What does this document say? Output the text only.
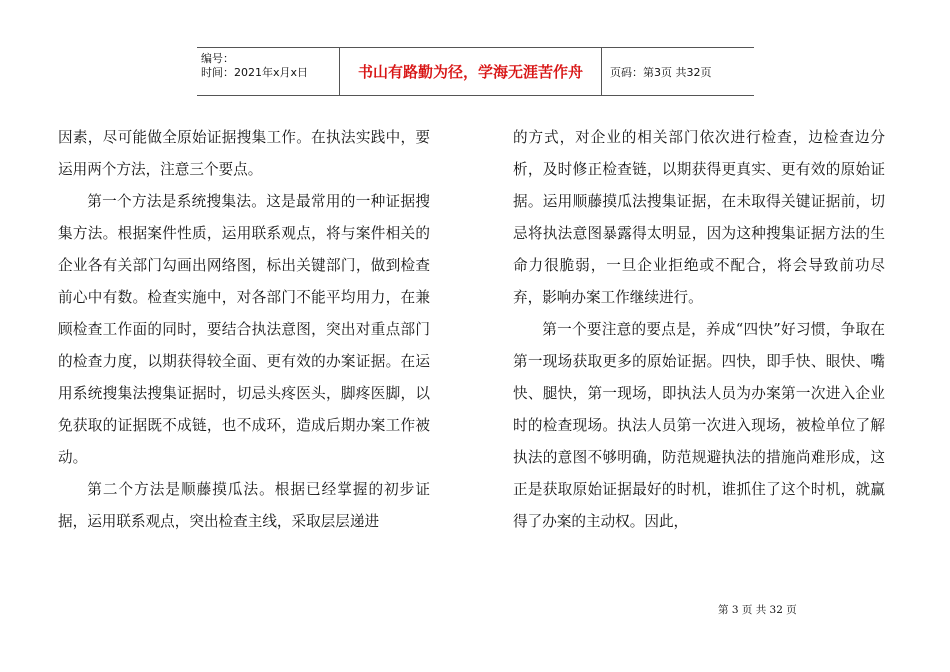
编号：
时间：2021年x月x日	书山有路勤为径，学海无涯苦作舟	页码：第3页 共32页

因素，尽可能做全原始证据搜集工作。在执法实践中，要运用两个方法，注意三个要点。

第一个方法是系统搜集法。这是最常用的一种证据搜集方法。根据案件性质，运用联系观点，将与案件相关的企业各有关部门勾画出网络图，标出关键部门，做到检查前心中有数。检查实施中，对各部门不能平均用力，在兼顾检查工作面的同时，要结合执法意图，突出对重点部门的检查力度，以期获得较全面、更有效的办案证据。在运用系统搜集法搜集证据时，切忌头疼医头，脚疼医脚，以免获取的证据既不成链，也不成环，造成后期办案工作被动。

第二个方法是顺藤摸瓜法。根据已经掌握的初步证据，运用联系观点，突出检查主线，采取层层递进

的方式，对企业的相关部门依次进行检查，边检查边分析，及时修正检查链，以期获得更真实、更有效的原始证据。运用顺藤摸瓜法搜集证据，在未取得关键证据前，切忌将执法意图暴露得太明显，因为这种搜集证据方法的生命力很脆弱，一旦企业拒绝或不配合，将会导致前功尽弃，影响办案工作继续进行。

第一个要注意的要点是，养成“四快”好习惯，争取在第一现场获取更多的原始证据。四快，即手快、眼快、嘴快、腿快，第一现场，即执法人员为办案第一次进入企业时的检查现场。执法人员第一次进入现场，被检单位了解执法的意图不够明确，防范规避执法的措施尚难形成，这正是获取原始证据最好的时机，谁抓住了这个时机，就赢得了办案的主动权。因此，

第 3 页 共 32 页
